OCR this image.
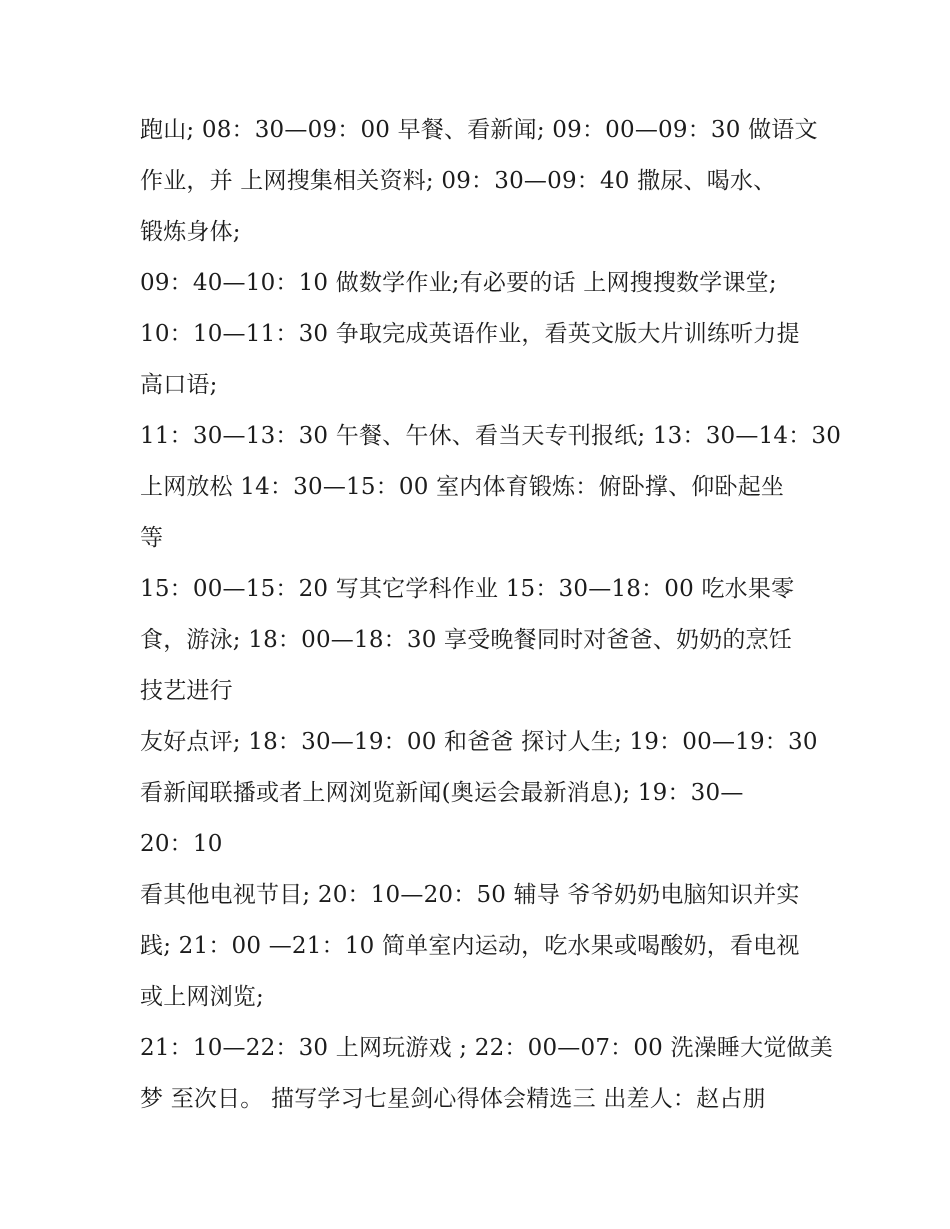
跑山; 08：30—09：00 早餐、看新闻; 09：00—09：30 做语文
作业，并 上网搜集相关资料; 09：30—09：40 撒尿、喝水、
锻炼身体;
09：40—10：10 做数学作业;有必要的话 上网搜搜数学课堂;
10：10—11：30 争取完成英语作业，看英文版大片训练听力提
高口语;
11：30—13：30 午餐、午休、看当天专刊报纸; 13：30—14：30
上网放松 14：30—15：00 室内体育锻炼：俯卧撑、仰卧起坐
等
15：00—15：20 写其它学科作业 15：30—18：00 吃水果零
食，游泳; 18：00—18：30 享受晚餐同时对爸爸、奶奶的烹饪
技艺进行
友好点评; 18：30—19：00 和爸爸 探讨人生; 19：00—19：30
看新闻联播或者上网浏览新闻(奥运会最新消息); 19：30—
20：10
看其他电视节目; 20：10—20：50 辅导 爷爷奶奶电脑知识并实
践; 21：00 —21：10 简单室内运动，吃水果或喝酸奶，看电视
或上网浏览;
21：10—22：30 上网玩游戏 ; 22：00—07：00 洗澡睡大觉做美
梦 至次日。 描写学习七星剑心得体会精选三 出差人：赵占朋
